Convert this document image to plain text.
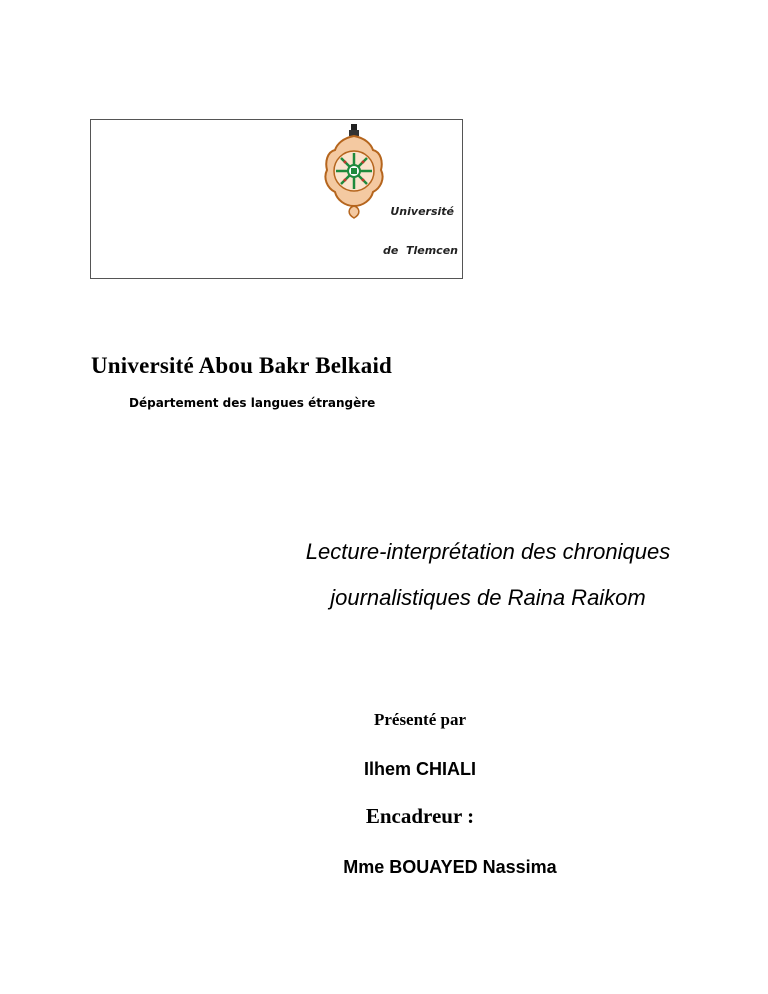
Université
de  Tlemcen
Université Abou Bakr Belkaid
Département des langues étrangère
Lecture-interprétation des chroniques
journalistiques de Raina Raikom
Présenté par
Ilhem CHIALI
Encadreur :
Mme BOUAYED Nassima
